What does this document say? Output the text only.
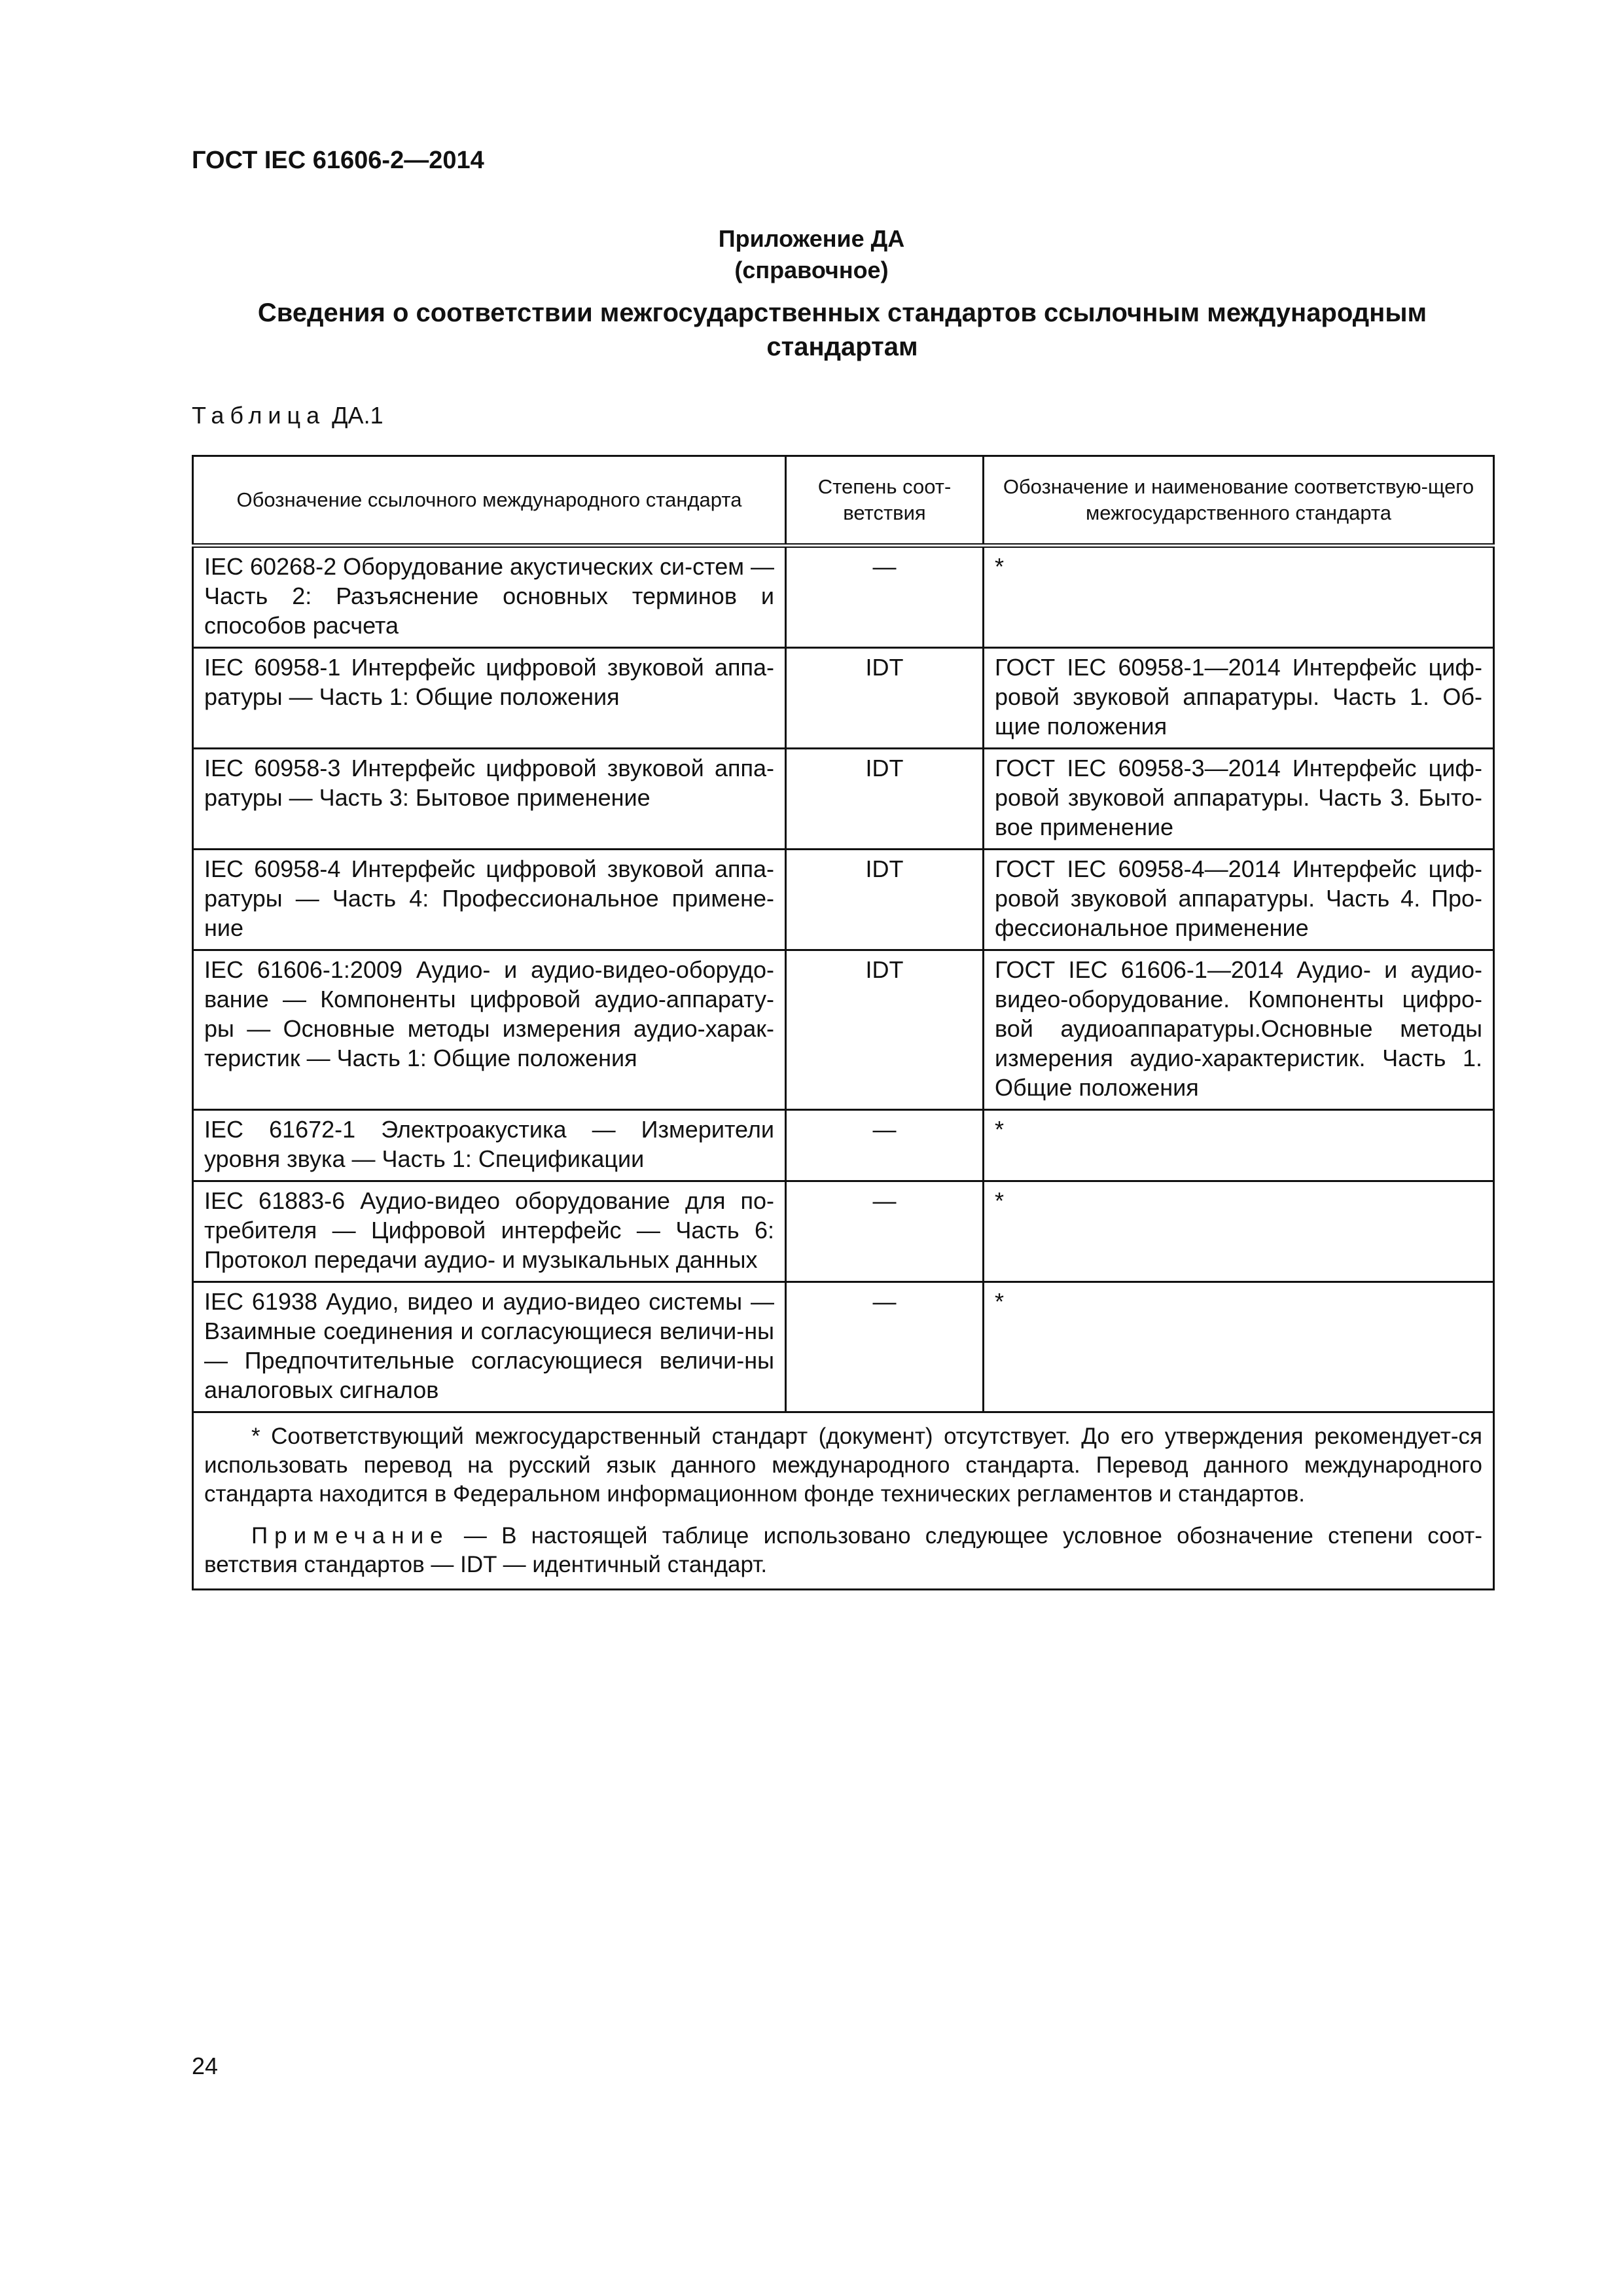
ГОСТ IEC 61606-2—2014
Приложение ДА
(справочное)
Сведения о соответствии межгосударственных стандартов ссылочным международным стандартам
Таблица ДА.1
Обозначение ссылочного международного стандарта	Степень соот-ветствия	Обозначение и наименование соответствую-щего межгосударственного стандарта
IEC 60268-2 Оборудование акустических си-стем — Часть 2: Разъяснение основных терминов и способов расчета	—	*
IEC 60958-1 Интерфейс цифровой звуковой аппа-ратуры — Часть 1: Общие положения	IDT	ГОСТ IEC 60958-1—2014 Интерфейс циф-ровой звуковой аппаратуры. Часть 1. Об-щие положения
IEC 60958-3 Интерфейс цифровой звуковой аппа-ратуры — Часть 3: Бытовое применение	IDT	ГОСТ IEC 60958-3—2014 Интерфейс циф-ровой звуковой аппаратуры. Часть 3. Быто-вое применение
IEC 60958-4 Интерфейс цифровой звуковой аппа-ратуры — Часть 4: Профессиональное примене-ние	IDT	ГОСТ IEC 60958-4—2014 Интерфейс циф-ровой звуковой аппаратуры. Часть 4. Про-фессиональное применение
IEC 61606-1:2009 Аудио- и аудио-видео-оборудо-вание — Компоненты цифровой аудио-аппарату-ры — Основные методы измерения аудио-харак-теристик — Часть 1: Общие положения	IDT	ГОСТ IEC 61606-1—2014 Аудио- и аудио-видео-оборудование. Компоненты цифро-вой аудиоаппаратуры.Основные методы измерения аудио-характеристик. Часть 1. Общие положения
IEC 61672-1 Электроакустика — Измерители уровня звука — Часть 1: Спецификации	—	*
IEC 61883-6 Аудио-видео оборудование для по-требителя — Цифровой интерфейс — Часть 6: Протокол передачи аудио- и музыкальных данных	—	*
IEC 61938 Аудио, видео и аудио-видео системы — Взаимные соединения и согласующиеся величи-ны — Предпочтительные согласующиеся величи-ны аналоговых сигналов	—	*

* Соответствующий межгосударственный стандарт (документ) отсутствует. До его утверждения рекомендует-ся использовать перевод на русский язык данного международного стандарта. Перевод данного международного стандарта находится в Федеральном информационном фонде технических регламентов и стандартов.

Примечание — В настоящей таблице использовано следующее условное обозначение степени соот-ветствия стандартов — IDT — идентичный стандарт.		

24
